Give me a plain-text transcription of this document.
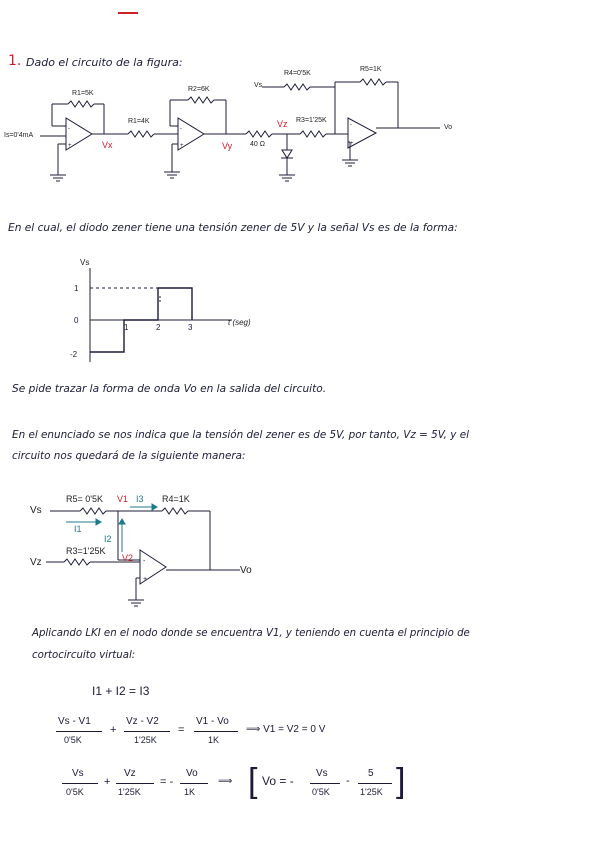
1. Dado el circuito de la figura:
-
+
-
+
-
+
R1=5K
R2=6K
R1=4K
R4=0'5K
R5=1K
R3=1'25K
40 Ω
Is=0'4mA
Vx	Vy
Vz
Vs
Vo
En el cual, el diodo zener tiene una tensión zener de 5V y la señal Vs es de la forma:
1
0
-2
1	2	3
Vs
t (seg)
Se pide trazar la forma de onda Vo en la salida del circuito.
En el enunciado se nos indica que la tensión del zener es de 5V, por tanto, Vz = 5V, y el
circuito nos quedará de la siguiente manera:
-
+
R5= 0'5K	R4=1K
R3=1'25K
V1
V2
I1
I2
I3
Vs
Vz
Vo
Aplicando LKI en el nodo donde se encuentra V1, y teniendo en cuenta el principio de
cortocircuito virtual:
I1 + I2 = I3
Vs - V1
0'5K
+
Vz - V2
1'25K
=
V1 - Vo
1K
⟹ V1 = V2 = 0 V
Vs
0'5K
+
Vz
1'25K
= -
Vo
1K
⟹ [ Vo = -
Vs
0'5K
-
5
1'25K ]
